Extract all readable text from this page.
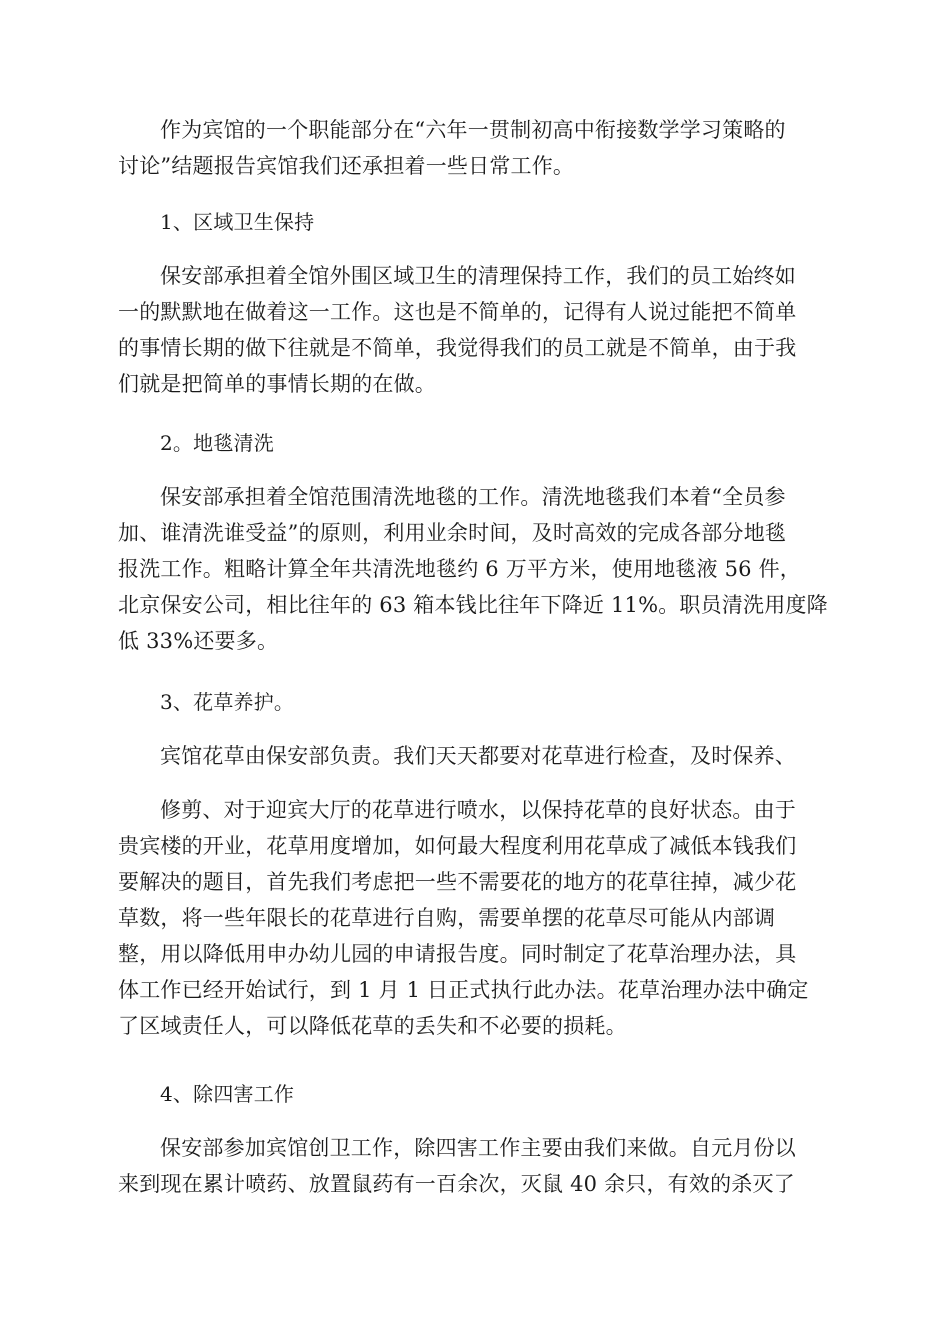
作为宾馆的一个职能部分在“六年一贯制初高中衔接数学学习策略的
讨论”结题报告宾馆我们还承担着一些日常工作。
1、区域卫生保持
保安部承担着全馆外围区域卫生的清理保持工作，我们的员工始终如
一的默默地在做着这一工作。这也是不简单的，记得有人说过能把不简单
的事情长期的做下往就是不简单，我觉得我们的员工就是不简单，由于我
们就是把简单的事情长期的在做。
2。地毯清洗
保安部承担着全馆范围清洗地毯的工作。清洗地毯我们本着“全员参
加、谁清洗谁受益”的原则，利用业余时间，及时高效的完成各部分地毯
报洗工作。粗略计算全年共清洗地毯约 6 万平方米，使用地毯液 56 件，
北京保安公司，相比往年的 63 箱本钱比往年下降近 11%。职员清洗用度降
低 33%还要多。
3、花草养护。
宾馆花草由保安部负责。我们天天都要对花草进行检查，及时保养、
修剪、对于迎宾大厅的花草进行喷水，以保持花草的良好状态。由于
贵宾楼的开业，花草用度增加，如何最大程度利用花草成了减低本钱我们
要解决的题目，首先我们考虑把一些不需要花的地方的花草往掉，减少花
草数，将一些年限长的花草进行自购，需要单摆的花草尽可能从内部调
整，用以降低用申办幼儿园的申请报告度。同时制定了花草治理办法，具
体工作已经开始试行，到 1 月 1 日正式执行此办法。花草治理办法中确定
了区域责任人，可以降低花草的丢失和不必要的损耗。
4、除四害工作
保安部参加宾馆创卫工作，除四害工作主要由我们来做。自元月份以
来到现在累计喷药、放置鼠药有一百余次，灭鼠 40 余只，有效的杀灭了
